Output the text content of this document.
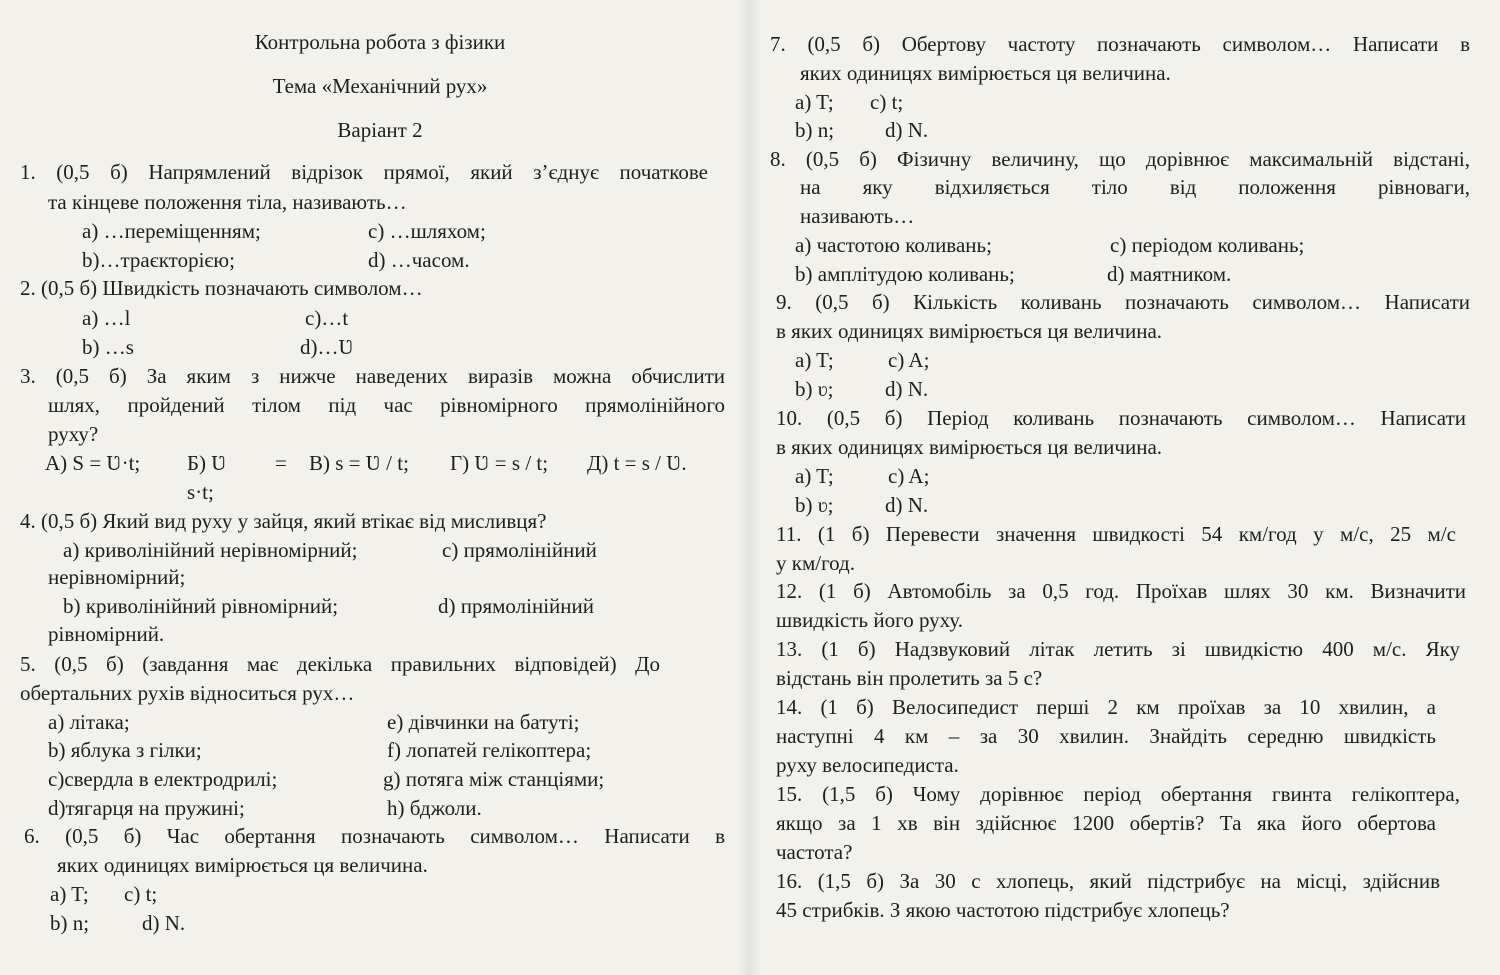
Контрольна робота з фізики
Тема «Механічний рух»
Варіант 2
1. (0,5 б) Напрямлений відрізок прямої, який з’єднує початкове
та кінцеве положення тіла, називають…
а) …переміщенням;	с) …шляхом;
b)…траєкторією;	d) …часом.
2. (0,5 б) Швидкість позначають символом…
a) …l	c)…t
b) …s	d)…Ʋ
3. (0,5 б) За яким з нижче наведених виразів можна обчислити
шлях, пройдений тілом під час рівномірного прямолінійного
руху?
А) S = Ʋ·t; Б) Ʋ = В) s = Ʋ / t; Г) Ʋ = s / t; Д) t = s / Ʋ.
s·t;
4. (0,5 б) Який вид руху у зайця, який втікає від мисливця?
а) криволінійний нерівномірний;	с) прямолінійний
нерівномірний;
b) криволінійний рівномірний;	d) прямолінійний
рівномірний.
5. (0,5 б) (завдання має декілька правильних відповідей) До
обертальних рухів відноситься рух…
a) літака;	e) дівчинки на батуті;
b) яблука з гілки;	f) лопатей гелікоптера;
c)свердла в електродрилі;	g) потяга між станціями;
d)тягарця на пружині;	h) бджоли.
6. (0,5 б) Час обертання позначають символом… Написати в
яких одиницях вимірюється ця величина.
a) T; c) t;
b) n;	d) N.
7. (0,5 б) Обертову частоту позначають символом… Написати в
яких одиницях вимірюється ця величина.
a) T; c) t;
b) n; d) N.
8. (0,5 б) Фізичну величину, що дорівнює максимальній відстані,
на яку відхиляється тіло від положення рівноваги,
називають…
а) частотою коливань;	с) періодом коливань;
b) амплітудою коливань;	d) маятником.
9. (0,5 б) Кількість коливань позначають символом… Написати
в яких одиницях вимірюється ця величина.
a) T;	c) A;
b) ʋ; d) N.
10. (0,5 б) Період коливань позначають символом… Написати
в яких одиницях вимірюється ця величина.
a) T;	c) A;
b) ʋ; d) N.
11. (1 б) Перевести значення швидкості 54 км/год у м/с, 25 м/с
у км/год.
12. (1 б) Автомобіль за 0,5 год. Проїхав шлях 30 км. Визначити
швидкість його руху.
13. (1 б) Надзвуковий літак летить зі швидкістю 400 м/с. Яку
відстань він пролетить за 5 с?
14. (1 б) Велосипедист перші 2 км проїхав за 10 хвилин, а
наступні 4 км – за 30 хвилин. Знайдіть середню швидкість
руху велосипедиста.
15. (1,5 б) Чому дорівнює період обертання гвинта гелікоптера,
якщо за 1 хв він здійснює 1200 обертів? Та яка його обертова
частота?
16. (1,5 б) За 30 с хлопець, який підстрибує на місці, здійснив
45 стрибків. З якою частотою підстрибує хлопець?
